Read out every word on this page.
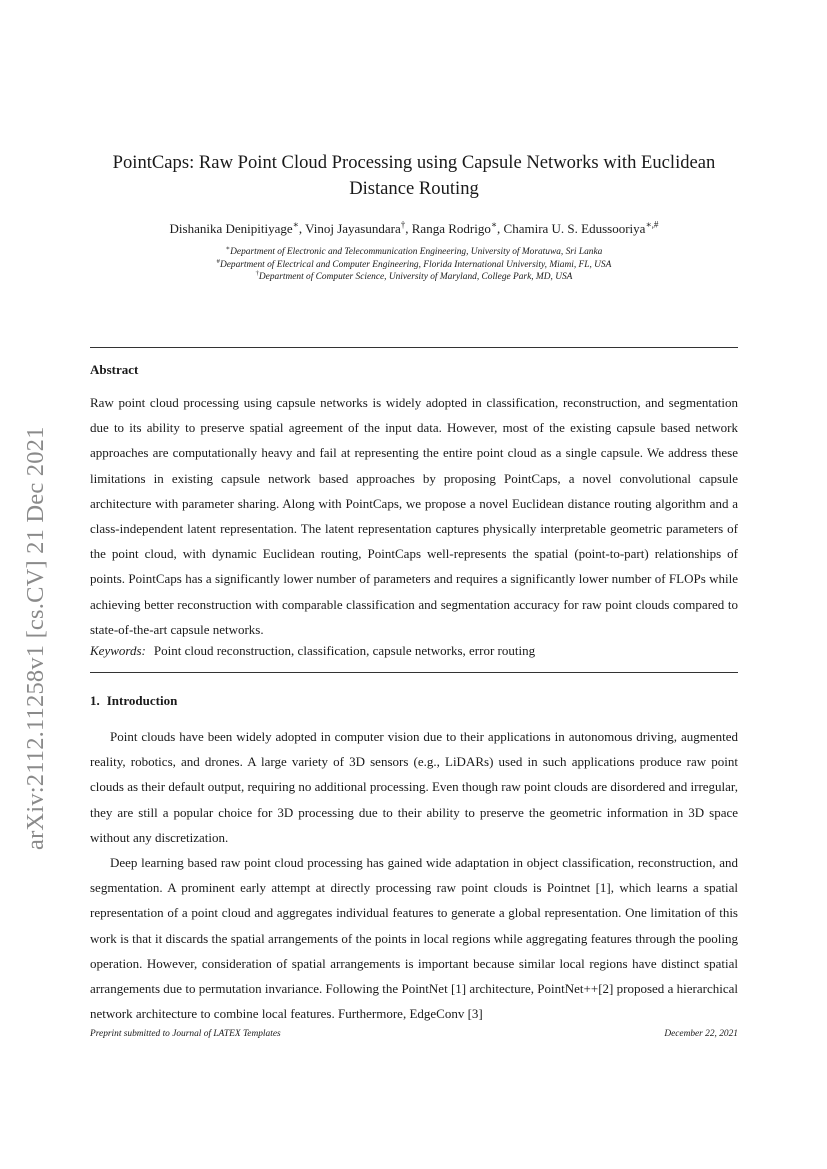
arXiv:2112.11258v1 [cs.CV] 21 Dec 2021
PointCaps: Raw Point Cloud Processing using Capsule Networks with Euclidean Distance Routing
Dishanika Denipitiyage∗, Vinoj Jayasundara†, Ranga Rodrigo∗, Chamira U. S. Edussooriya∗,#
∗Department of Electronic and Telecommunication Engineering, University of Moratuwa, Sri Lanka
#Department of Electrical and Computer Engineering, Florida International University, Miami, FL, USA
†Department of Computer Science, University of Maryland, College Park, MD, USA
Abstract
Raw point cloud processing using capsule networks is widely adopted in classification, reconstruction, and segmentation due to its ability to preserve spatial agreement of the input data. However, most of the existing capsule based network approaches are computationally heavy and fail at representing the entire point cloud as a single capsule. We address these limitations in existing capsule network based approaches by proposing PointCaps, a novel convolutional capsule architecture with parameter sharing. Along with PointCaps, we propose a novel Euclidean distance routing algorithm and a class-independent latent representation. The latent representation captures physically interpretable geometric parameters of the point cloud, with dynamic Euclidean routing, PointCaps well-represents the spatial (point-to-part) relationships of points. PointCaps has a significantly lower number of parameters and requires a significantly lower number of FLOPs while achieving better reconstruction with comparable classification and segmentation accuracy for raw point clouds compared to state-of-the-art capsule networks.
Keywords: Point cloud reconstruction, classification, capsule networks, error routing
1. Introduction

Point clouds have been widely adopted in computer vision due to their applications in autonomous driving, augmented reality, robotics, and drones. A large variety of 3D sensors (e.g., LiDARs) used in such applications produce raw point clouds as their default output, requiring no additional processing. Even though raw point clouds are disordered and irregular, they are still a popular choice for 3D processing due to their ability to preserve the geometric information in 3D space without any discretization.

Deep learning based raw point cloud processing has gained wide adaptation in object classification, reconstruction, and segmentation. A prominent early attempt at directly processing raw point clouds is Pointnet [1], which learns a spatial representation of a point cloud and aggregates individual features to generate a global representation. One limitation of this work is that it discards the spatial arrangements of the points in local regions while aggregating features through the pooling operation. However, consideration of spatial arrangements is important because similar local regions have distinct spatial arrangements due to permutation invariance. Following the PointNet [1] architecture, PointNet++[2] proposed a hierarchical network architecture to combine local features. Furthermore, EdgeConv [3]

Preprint submitted to Journal of LATEX Templates	December 22, 2021
